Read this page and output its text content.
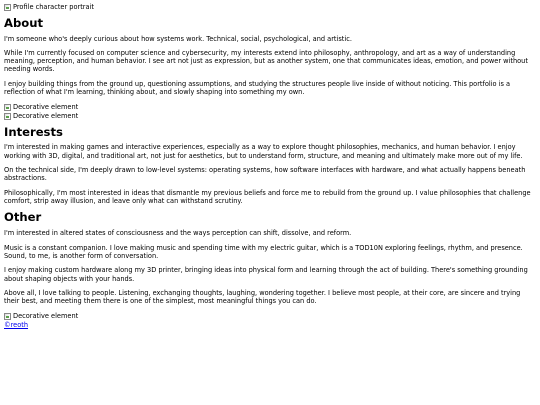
Profile character portrait
About

I'm someone who's deeply curious about how systems work. Technical, social, psychological, and artistic.

While I'm currently focused on computer science and cybersecurity, my interests extend into philosophy, anthropology, and art as a way of understanding meaning, perception, and human behavior. I see art not just as expression, but as another system, one that communicates ideas, emotion, and power without needing words.

I enjoy building things from the ground up, questioning assumptions, and studying the structures people live inside of without noticing. This portfolio is a reflection of what I'm learning, thinking about, and slowly shaping into something my own.

Decorative element
Decorative element
Interests

I'm interested in making games and interactive experiences, especially as a way to explore thought philosophies, mechanics, and human behavior. I enjoy working with 3D, digital, and traditional art, not just for aesthetics, but to understand form, structure, and meaning and ultimately make more out of my life.

On the technical side, I'm deeply drawn to low-level systems: operating systems, how software interfaces with hardware, and what actually happens beneath abstractions.

Philosophically, I'm most interested in ideas that dismantle my previous beliefs and force me to rebuild from the ground up. I value philosophies that challenge comfort, strip away illusion, and leave only what can withstand scrutiny.

Other

I'm interested in altered states of consciousness and the ways perception can shift, dissolve, and reform.

Music is a constant companion. I love making music and spending time with my electric guitar, which is a TOD10N exploring feelings, rhythm, and presence. Sound, to me, is another form of conversation.

I enjoy making custom hardware along my 3D printer, bringing ideas into physical form and learning through the act of building. There's something grounding about shaping objects with your hands.

Above all, I love talking to people. Listening, exchanging thoughts, laughing, wondering together. I believe most people, at their core, are sincere and trying their best, and meeting them there is one of the simplest, most meaningful things you can do.

Decorative element
©reoth
